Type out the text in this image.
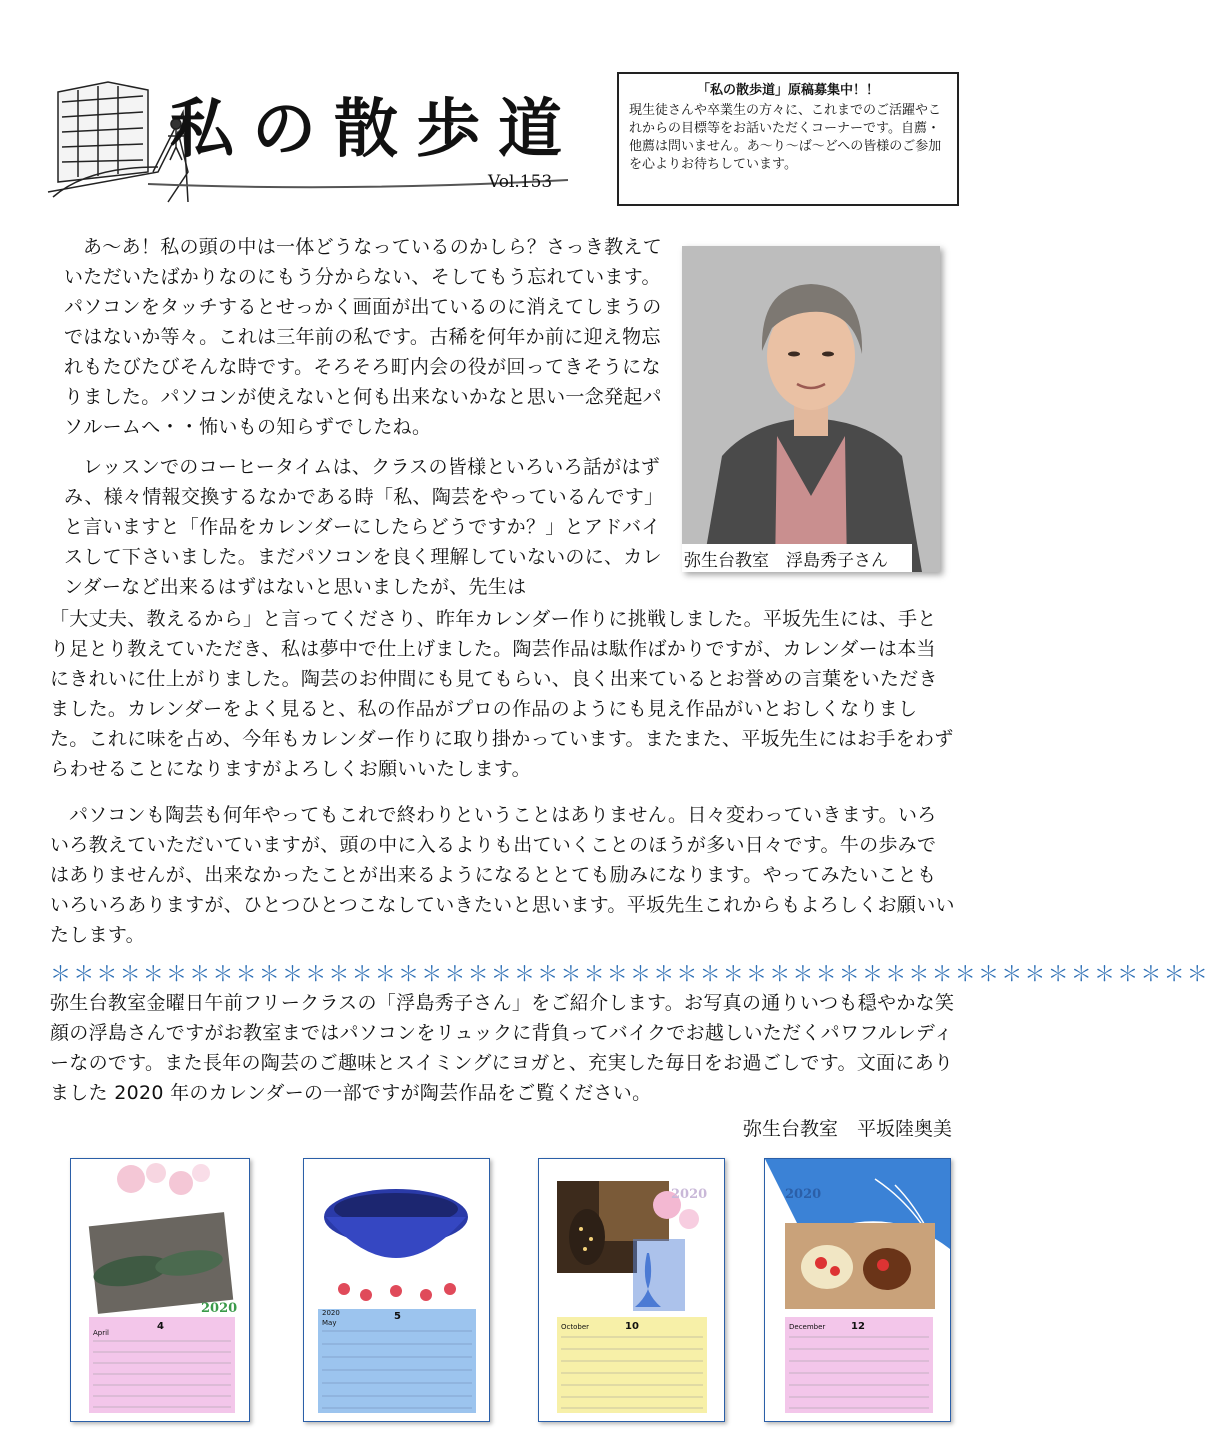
私の散歩道
Vol.153
「私の散歩道」原稿募集中！！
現生徒さんや卒業生の方々に、これまでのご活躍やこれからの目標等をお話いただくコーナーです。自薦・他薦は問いません。あ～り～ば～どへの皆様のご参加を心よりお待ちしています。
あ～あ！私の頭の中は一体どうなっているのかしら？さっき教えていただいたばかりなのにもう分からない、そしてもう忘れています。パソコンをタッチするとせっかく画面が出ているのに消えてしまうのではないか等々。これは三年前の私です。古稀を何年か前に迎え物忘れもたびたびそんな時です。そろそろ町内会の役が回ってきそうになりました。パソコンが使えないと何も出来ないかなと思い一念発起パソルームへ・・怖いもの知らずでしたね。
レッスンでのコーヒータイムは、クラスの皆様といろいろ話がはずみ、様々情報交換するなかである時「私、陶芸をやっているんです」と言いますと「作品をカレンダーにしたらどうですか？」とアドバイスして下さいました。まだパソコンを良く理解していないのに、カレンダーなど出来るはずはないと思いましたが、先生は
「大丈夫、教えるから」と言ってくださり、昨年カレンダー作りに挑戦しました。平坂先生には、手とり足とり教えていただき、私は夢中で仕上げました。陶芸作品は駄作ばかりですが、カレンダーは本当にきれいに仕上がりました。陶芸のお仲間にも見てもらい、良く出来ているとお誉めの言葉をいただきました。カレンダーをよく見ると、私の作品がプロの作品のようにも見え作品がいとおしくなりました。これに味を占め、今年もカレンダー作りに取り掛かっています。またまた、平坂先生にはお手をわずらわせることになりますがよろしくお願いいたします。
パソコンも陶芸も何年やってもこれで終わりということはありません。日々変わっていきます。いろいろ教えていただいていますが、頭の中に入るよりも出ていくことのほうが多い日々です。牛の歩みではありませんが、出来なかったことが出来るようになるととても励みになります。やってみたいこともいろいろありますが、ひとつひとつこなしていきたいと思います。平坂先生これからもよろしくお願いいたします。
弥生台教室　浮島秀子さん
＊＊＊＊＊＊＊＊＊＊＊＊＊＊＊＊＊＊＊＊＊＊＊＊＊＊＊＊＊＊＊＊＊＊＊＊＊＊＊＊＊＊＊＊＊＊＊＊＊＊
弥生台教室金曜日午前フリークラスの「浮島秀子さん」をご紹介します。お写真の通りいつも穏やかな笑顔の浮島さんですがお教室まではパソコンをリュックに背負ってバイクでお越しいただくパワフルレディーなのです。また長年の陶芸のご趣味とスイミングにヨガと、充実した毎日をお過ごしです。文面にありました 2020 年のカレンダーの一部ですが陶芸作品をご覧ください。
弥生台教室　平坂陸奥美
2020
4
April
5
2020
May
2020
10
October
2020
12
December
